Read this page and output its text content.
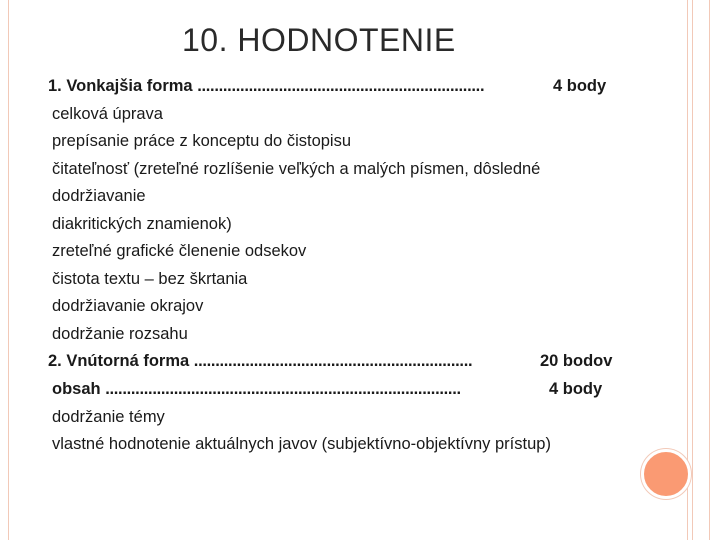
10. HODNOTENIE
1. Vonkajšia forma ...................................................................	4 body
celková úprava
prepísanie práce z konceptu do čistopisu
čitateľnosť (zreteľné rozlíšenie veľkých a malých písmen, dôsledné
dodržiavanie
diakritických znamienok)
zreteľné grafické členenie odsekov
čistota textu – bez škrtania
dodržiavanie okrajov
dodržanie rozsahu
2. Vnútorná forma .................................................................	20 bodov
obsah ...................................................................................	4 body
dodržanie témy
vlastné hodnotenie aktuálnych javov (subjektívno-objektívny prístup)
